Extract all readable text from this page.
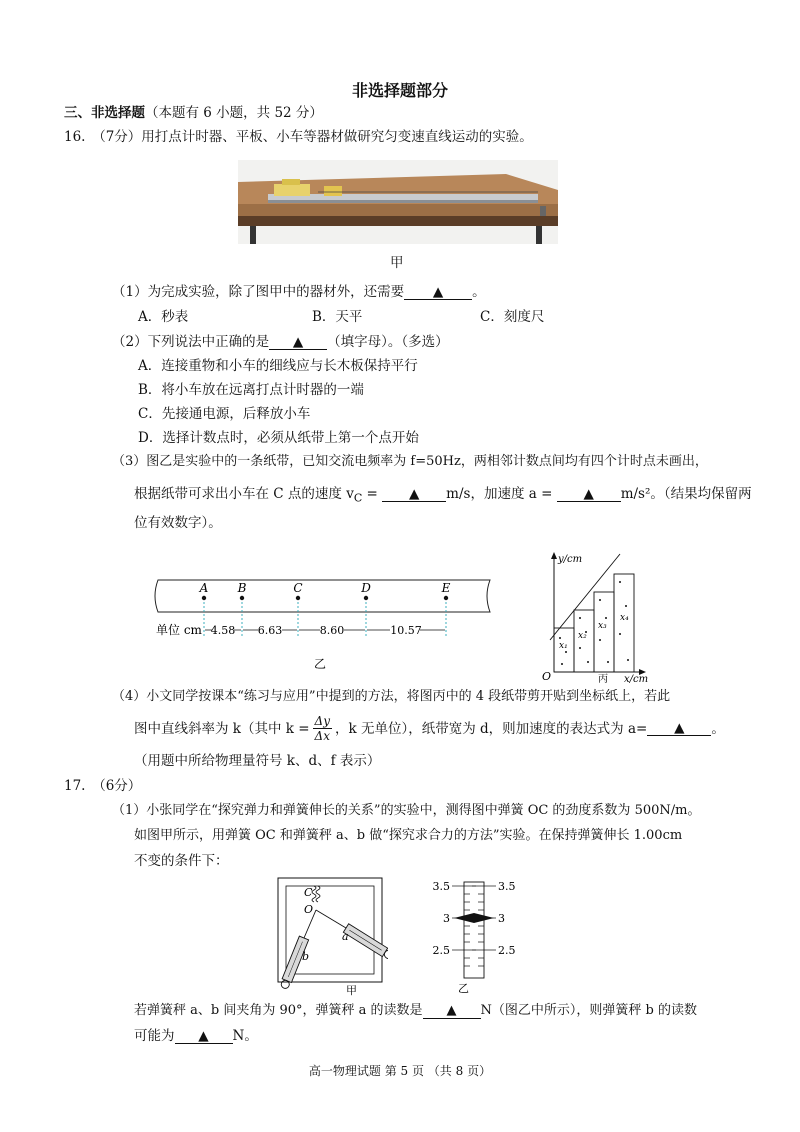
非选择题部分
三、非选择题（本题有 6 小题，共 52 分）
16.　（7分）用打点计时器、平板、小车等器材做研究匀变速直线运动的实验。
甲
（1）为完成实验，除了图甲中的器材外，还需要 ▲ 。
A．秒表	B．天平	C．刻度尺
（2）下列说法中正确的是 ▲ （填字母）。（多选）
A．连接重物和小车的细线应与长木板保持平行
B．将小车放在远离打点计时器的一端
C．先接通电源，后释放小车
D．选择计数点时，必须从纸带上第一个点开始
（3）图乙是实验中的一条纸带，已知交流电频率为 f=50Hz，两相邻计数点间均有四个计时点未画出，
根据纸带可求出小车在 C 点的速度 $v_C$ = ▲ m/s，加速度 a = ▲ m/s²。（结果均保留两
位有效数字）。
A B	C	D	E
单位 cm 4.58 6.63	8.60	10.57
乙
y/cm
x/cm
O
x₁
x₂
x₃
x₄
丙
（4）小文同学按课本“练习与应用”中提到的方法，将图丙中的 4 段纸带剪开贴到坐标纸上，若此
图中直线斜率为 k（其中 $k = \frac{\Delta y}{\Delta x}$ ，k 无单位），纸带宽为 d，则加速度的表达式为 a=	▲	。
（用题中所给物理量符号 k、d、f 表示）
17.　（6分）
（1）小张同学在“探究弹力和弹簧伸长的关系”的实验中，测得图中弹簧 OC 的劲度系数为 500N/m。
如图甲所示，用弹簧 OC 和弹簧秤 a、b 做“探究求合力的方法”实验。在保持弹簧伸长 1.00cm
不变的条件下：
C
O
a
b
甲
3.5
3
2.5
3.5
3
2.5
乙
若弹簧秤 a、b 间夹角为 90°，弹簧秤 a 的读数是 ▲ N（图乙中所示），则弹簧秤 b 的读数
可能为 ▲ N。
高一物理试题 第 5 页 （共 8 页）
